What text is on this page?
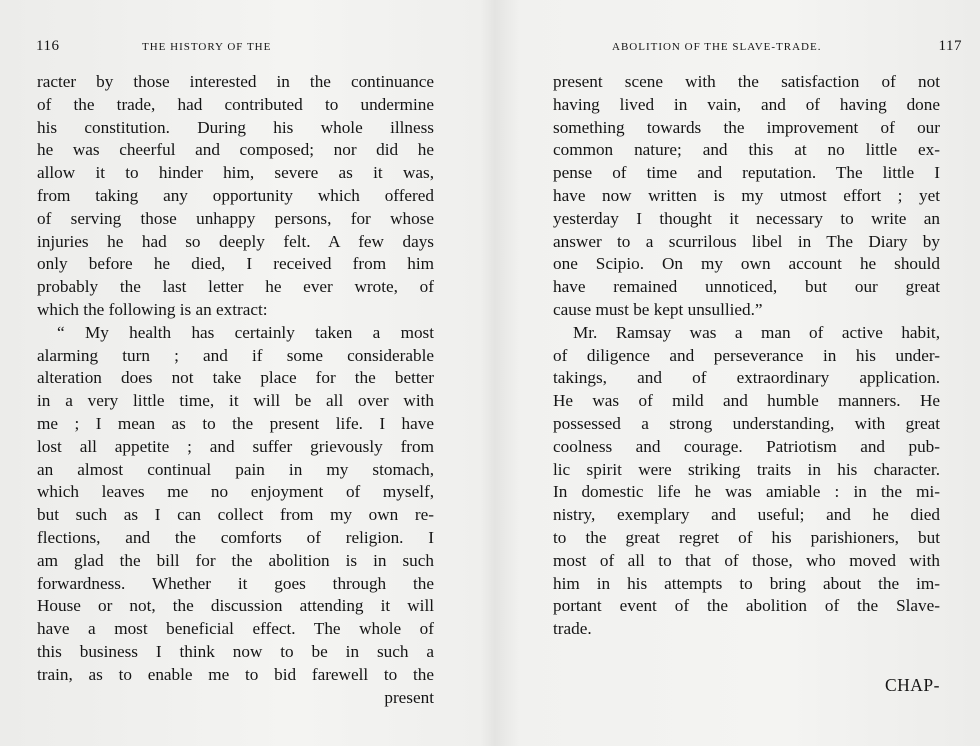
116	THE HISTORY OF THE
racter by those interested in the continuance
of the trade, had contributed to undermine
his constitution. During his whole illness
he was cheerful and composed; nor did he
allow it to hinder him, severe as it was,
from taking any opportunity which offered
of serving those unhappy persons, for whose
injuries he had so deeply felt. A few days
only before he died, I received from him
probably the last letter he ever wrote, of
which the following is an extract:
“ My health has certainly taken a most
alarming turn ; and if some considerable
alteration does not take place for the better
in a very little time, it will be all over with
me ; I mean as to the present life. I have
lost all appetite ; and suffer grievously from
an almost continual pain in my stomach,
which leaves me no enjoyment of myself,
but such as I can collect from my own re-
flections, and the comforts of religion. I
am glad the bill for the abolition is in such
forwardness. Whether it goes through the
House or not, the discussion attending it will
have a most beneficial effect. The whole of
this business I think now to be in such a
train, as to enable me to bid farewell to the
present
ABOLITION OF THE SLAVE-TRADE.	117
present scene with the satisfaction of not
having lived in vain, and of having done
something towards the improvement of our
common nature; and this at no little ex-
pense of time and reputation. The little I
have now written is my utmost effort ; yet
yesterday I thought it necessary to write an
answer to a scurrilous libel in The Diary by
one Scipio. On my own account he should
have remained unnoticed, but our great
cause must be kept unsullied.”
Mr. Ramsay was a man of active habit,
of diligence and perseverance in his under-
takings, and of extraordinary application.
He was of mild and humble manners. He
possessed a strong understanding, with great
coolness and courage. Patriotism and pub-
lic spirit were striking traits in his character.
In domestic life he was amiable : in the mi-
nistry, exemplary and useful; and he died
to the great regret of his parishioners, but
most of all to that of those, who moved with
him in his attempts to bring about the im-
portant event of the abolition of the Slave-
trade.
CHAP-
